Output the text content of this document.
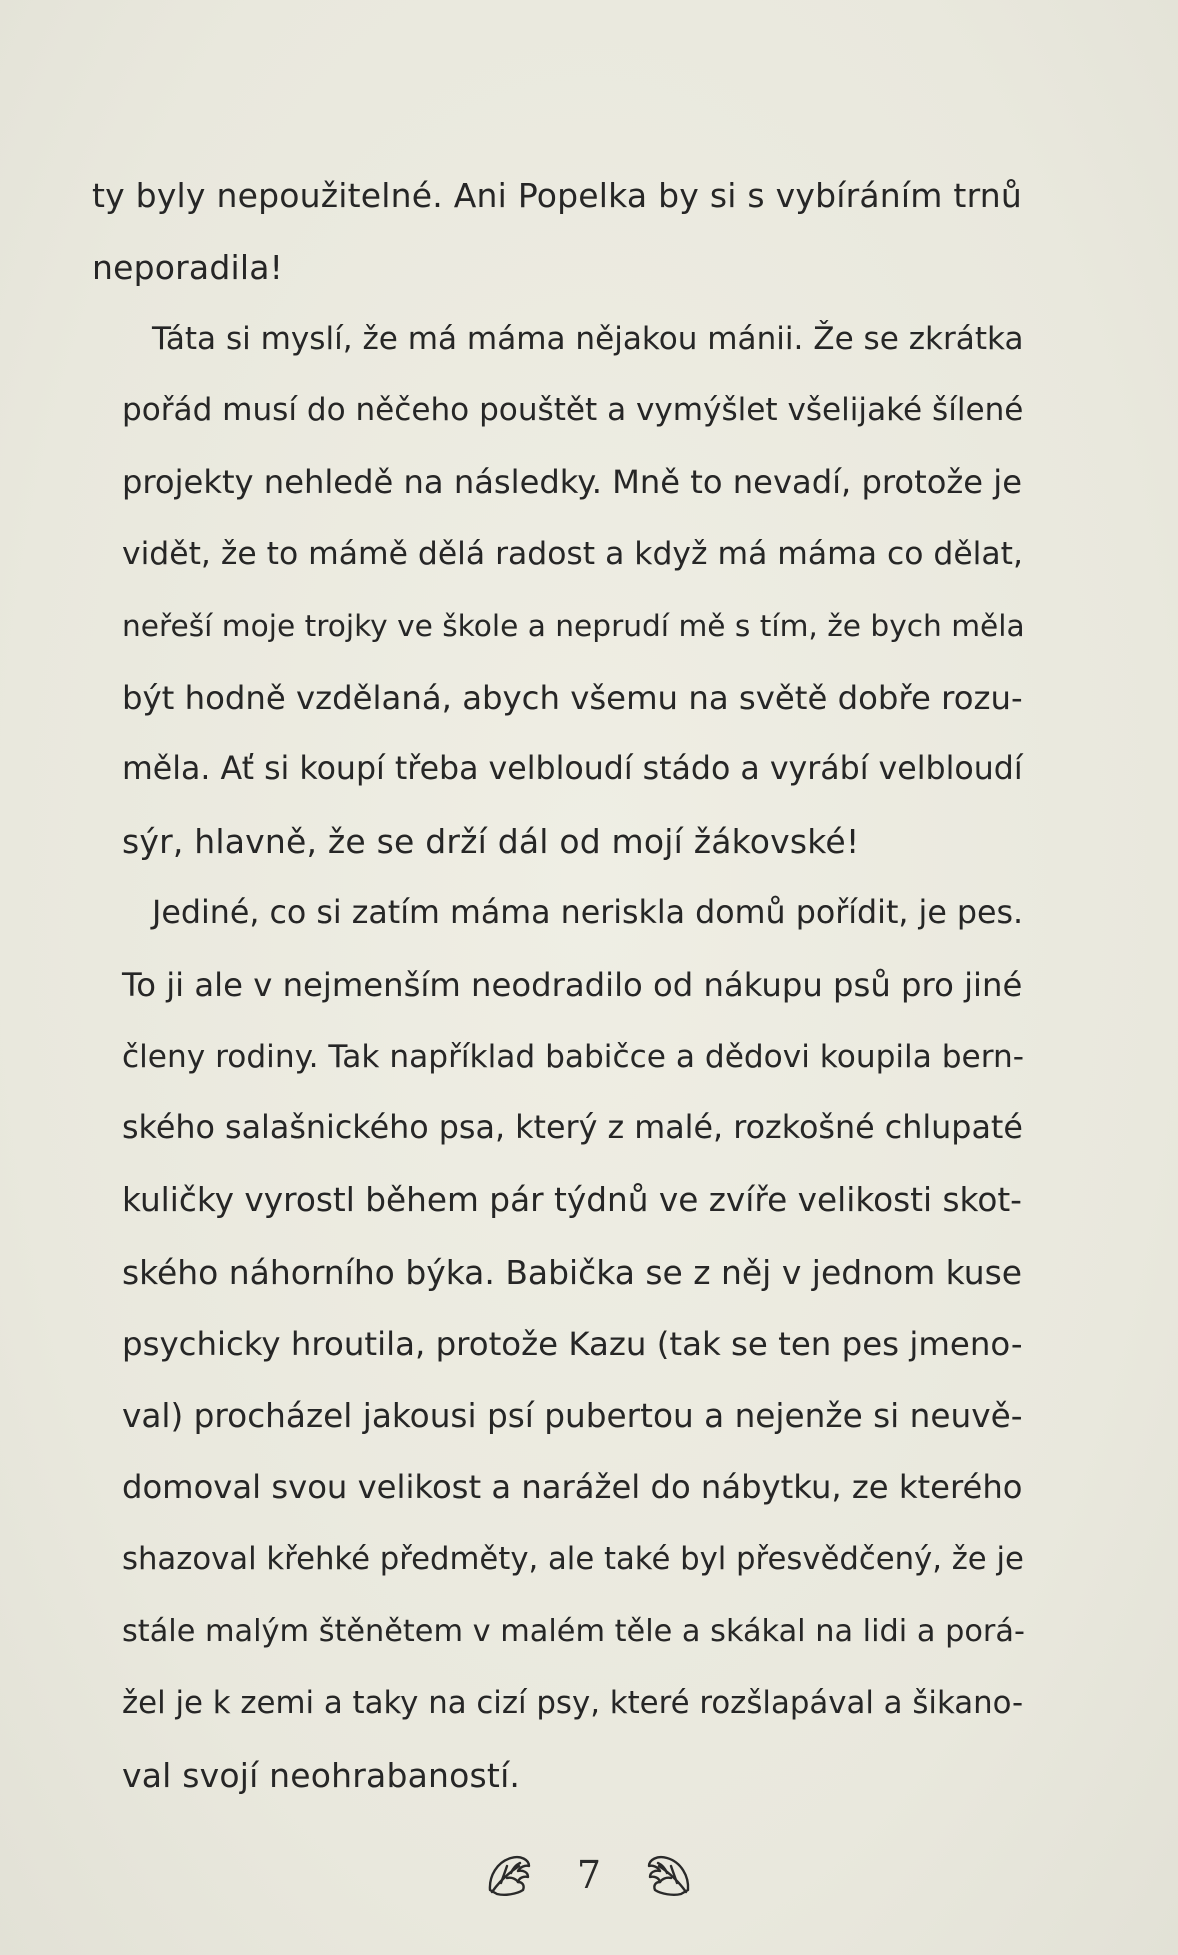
ty byly nepoužitelné. Ani Popelka by si s vybíráním trnů
neporadila!
Táta si myslí, že má máma nějakou mánii. Že se zkrátka
pořád musí do něčeho pouštět a vymýšlet všelijaké šílené
projekty nehledě na následky. Mně to nevadí, protože je
vidět, že to mámě dělá radost a když má máma co dělat,
neřeší moje trojky ve škole a neprudí mě s tím, že bych měla
být hodně vzdělaná, abych všemu na světě dobře rozu-
měla. Ať si koupí třeba velbloudí stádo a vyrábí velbloudí
sýr, hlavně, že se drží dál od mojí žákovské!
Jediné, co si zatím máma neriskla domů pořídit, je pes.
To ji ale v nejmenším neodradilo od nákupu psů pro jiné
členy rodiny. Tak například babičce a dědovi koupila bern-
ského salašnického psa, který z malé, rozkošné chlupaté
kuličky vyrostl během pár týdnů ve zvíře velikosti skot-
ského náhorního býka. Babička se z něj v jednom kuse
psychicky hroutila, protože Kazu (tak se ten pes jmeno-
val) procházel jakousi psí pubertou a nejenže si neuvě-
domoval svou velikost a narážel do nábytku, ze kterého
shazoval křehké předměty, ale také byl přesvědčený, že je
stále malým štěnětem v malém těle a skákal na lidi a porá-
žel je k zemi a taky na cizí psy, které rozšlapával a šikano-
val svojí neohrabaností.
7
